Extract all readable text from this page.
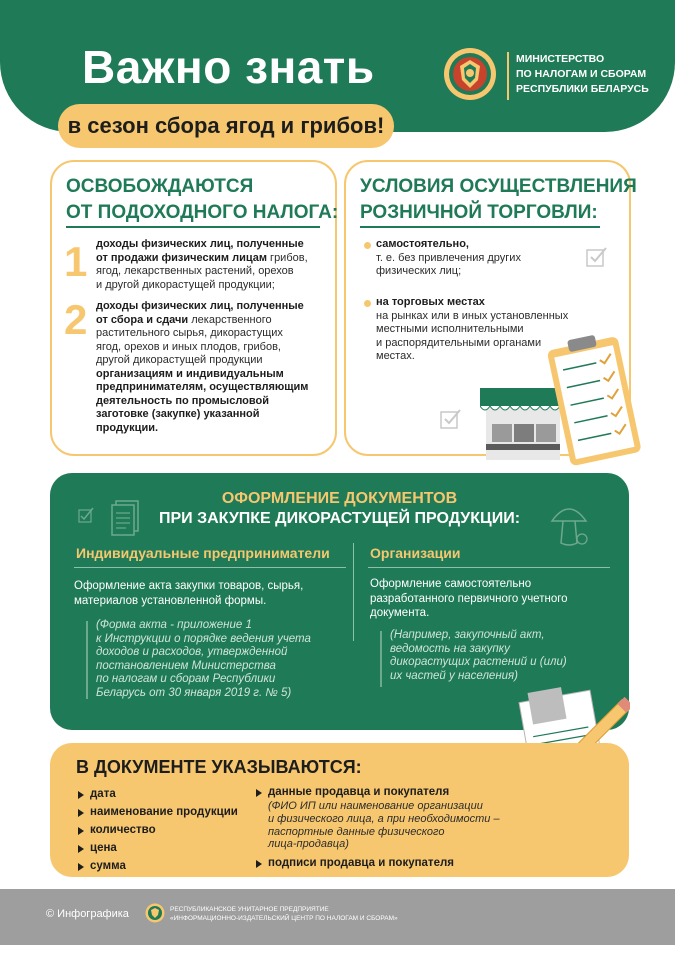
Важно знать	МИНИСТЕРСТВО
ПО НАЛОГАМ И СБОРАМ
РЕСПУБЛИКИ БЕЛАРУСЬ
в сезон сбора ягод и грибов!
ОСВОБОЖДАЮТСЯ
ОТ ПОДОХОДНОГО НАЛОГА:
1 доходы физических лиц, полученные
от продажи физическим лицам грибов,
ягод, лекарственных растений, орехов
и другой дикорастущей продукции;
2 доходы физических лиц, полученные
от сбора и сдачи лекарственного
растительного сырья, дикорастущих
ягод, орехов и иных плодов, грибов,
другой дикорастущей продукции
организациям и индивидуальным
предпринимателям, осуществляющим
деятельность по промысловой
заготовке (закупке) указанной
продукции.
УСЛОВИЯ ОСУЩЕСТВЛЕНИЯ
РОЗНИЧНОЙ ТОРГОВЛИ:
самостоятельно,
т. е. без привлечения других
физических лиц;
на торговых местах
на рынках или в иных установленных
местными исполнительными
и распорядительными органами
местах.
ОФОРМЛЕНИЕ ДОКУМЕНТОВ
ПРИ ЗАКУПКЕ ДИКОРАСТУЩЕЙ ПРОДУКЦИИ:
Индивидуальные предприниматели	Организации
Оформление акта закупки товаров, сырья,
материалов установленной формы.
(Форма акта - приложение 1
к Инструкции о порядке ведения учета
доходов и расходов, утвержденной
постановлением Министерства
по налогам и сборам Республики
Беларусь от 30 января 2019 г. № 5)
Оформление самостоятельно
разработанного первичного учетного
документа.
(Например, закупочный акт,
ведомость на закупку
дикорастущих растений и (или)
их частей у населения)
В ДОКУМЕНТЕ УКАЗЫВАЮТСЯ:
дата
наименование продукции
количество
цена
сумма
данные продавца и покупателя
(ФИО ИП или наименование организации
и физического лица, а при необходимости –
паспортные данные физического
лица-продавца)
подписи продавца и покупателя
© Инфографика	РЕСПУБЛИКАНСКОЕ УНИТАРНОЕ ПРЕДПРИЯТИЕ
«ИНФОРМАЦИОННО-ИЗДАТЕЛЬСКИЙ ЦЕНТР ПО НАЛОГАМ И СБОРАМ»
